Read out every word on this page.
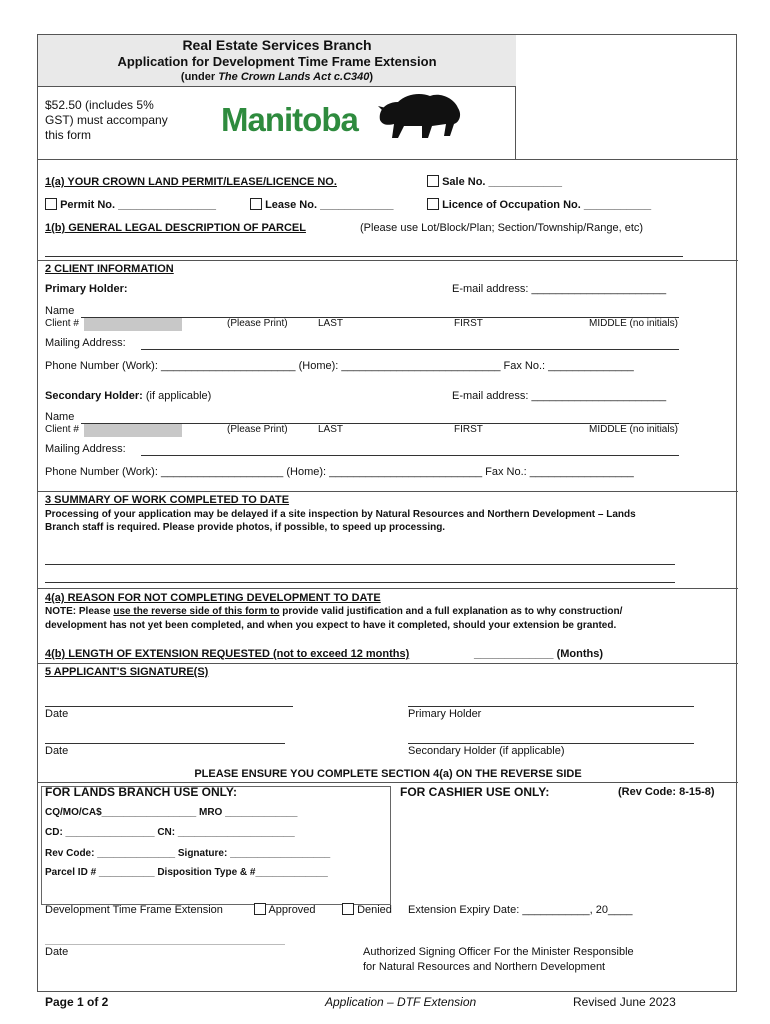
Real Estate Services Branch
Application for Development Time Frame Extension
(under The Crown Lands Act c.C340)
$52.50 (includes 5%
GST) must accompany
this form	Manitoba
1(a) YOUR CROWN LAND PERMIT/LEASE/LICENCE NO.	Sale No. ____________
Permit No. ________________	Lease No. ____________	Licence of Occupation No. ___________
1(b) GENERAL LEGAL DESCRIPTION OF PARCEL	(Please use Lot/Block/Plan; Section/Township/Range, etc)
2 CLIENT INFORMATION
Primary Holder:	E-mail address: ______________________
Name
Client #	(Please Print)	LAST	FIRST	MIDDLE (no initials)
Mailing Address:
Phone Number (Work): ______________________ (Home): __________________________ Fax No.: ______________
Secondary Holder: (if applicable)	E-mail address: ______________________
Name
Client #	(Please Print)	LAST	FIRST	MIDDLE (no initials)
Mailing Address:
Phone Number (Work): ____________________ (Home): _________________________ Fax No.: _________________
3 SUMMARY OF WORK COMPLETED TO DATE
Processing of your application may be delayed if a site inspection by Natural Resources and Northern Development – Lands
Branch staff is required. Please provide photos, if possible, to speed up processing.
4(a) REASON FOR NOT COMPLETING DEVELOPMENT TO DATE
NOTE: Please use the reverse side of this form to provide valid justification and a full explanation as to why construction/
development has not yet been completed, and when you expect to have it completed, should your extension be granted.
4(b) LENGTH OF EXTENSION REQUESTED (not to exceed 12 months)	_____________ (Months)
5 APPLICANT'S SIGNATURE(S)
Date	Primary Holder
Date	Secondary Holder (if applicable)
PLEASE ENSURE YOU COMPLETE SECTION 4(a) ON THE REVERSE SIDE
FOR LANDS BRANCH USE ONLY:	FOR CASHIER USE ONLY:	(Rev Code: 8-15-8)
CQ/MO/CA$_________________ MRO _____________
CD: ________________ CN: _____________________
Rev Code: ______________ Signature: __________________
Parcel ID # __________ Disposition Type & #_____________
Development Time Frame Extension	Approved	Denied Extension Expiry Date: ___________, 20____
Date	Authorized Signing Officer For the Minister Responsible
for Natural Resources and Northern Development
Page 1 of 2	Application – DTF Extension	Revised June 2023
